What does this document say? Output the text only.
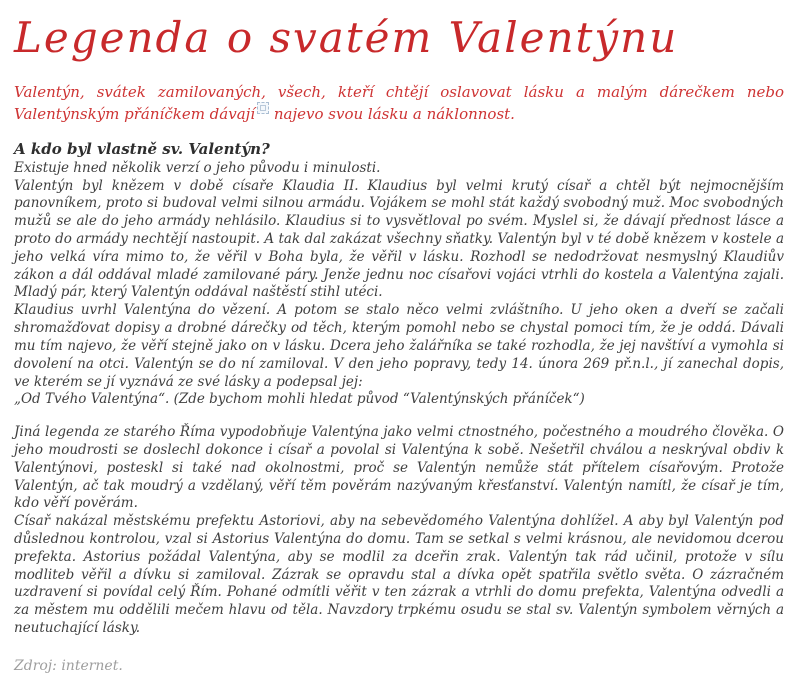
Legenda o svatém Valentýnu

Valentýn, svátek zamilovaných, všech, kteří chtějí oslavovat lásku a malým dárečkem nebo Valentýnským přáníčkem dávají najevo svou lásku a náklonnost.

A kdo byl vlastně sv. Valentýn?

Existuje hned několik verzí o jeho původu i minulosti.

Valentýn byl knězem v době císaře Klaudia II. Klaudius byl velmi krutý císař a chtěl být nejmocnějším panovníkem, proto si budoval velmi silnou armádu. Vojákem se mohl stát každý svobodný muž. Moc svobodných mužů se ale do jeho armády nehlásilo. Klaudius si to vysvětloval po svém. Myslel si, že dávají přednost lásce a proto do armády nechtějí nastoupit. A tak dal zakázat všechny sňatky. Valentýn byl v té době knězem v kostele a jeho velká víra mimo to, že věřil v Boha byla, že věřil v lásku. Rozhodl se nedodržovat nesmyslný Klaudiův zákon a dál oddával mladé zamilované páry. Jenže jednu noc císařovi vojáci vtrhli do kostela a Valentýna zajali. Mladý pár, který Valentýn oddával naštěstí stihl utéci.

Klaudius uvrhl Valentýna do vězení. A potom se stalo něco velmi zvláštního. U jeho oken a dveří se začali shromažďovat dopisy a drobné dárečky od těch, kterým pomohl nebo se chystal pomoci tím, že je oddá. Dávali mu tím najevo, že věří stejně jako on v lásku. Dcera jeho žalářníka se také rozhodla, že jej navštíví a vymohla si dovolení na otci. Valentýn se do ní zamiloval. V den jeho popravy, tedy 14. února 269 př.n.l., jí zanechal dopis, ve kterém se jí vyznává ze své lásky a podepsal jej:

„Od Tvého Valentýna“. (Zde bychom mohli hledat původ “Valentýnských přáníček“)

Jiná legenda ze starého Říma vypodobňuje Valentýna jako velmi ctnostného, počestného a moudrého člověka. O jeho moudrosti se doslechl dokonce i císař a povolal si Valentýna k sobě. Nešetřil chválou a neskrýval obdiv k Valentýnovi, posteskl si také nad okolnostmi, proč se Valentýn nemůže stát přítelem císařovým. Protože Valentýn, ač tak moudrý a vzdělaný, věří těm pověrám nazývaným křesťanství. Valentýn namítl, že císař je tím, kdo věří pověrám.

Císař nakázal městskému prefektu Astoriovi, aby na sebevědomého Valentýna dohlížel. A aby byl Valentýn pod důslednou kontrolou, vzal si Astorius Valentýna do domu. Tam se setkal s velmi krásnou, ale nevidomou dcerou prefekta. Astorius požádal Valentýna, aby se modlil za dceřin zrak. Valentýn tak rád učinil, protože v sílu modliteb věřil a dívku si zamiloval. Zázrak se opravdu stal a dívka opět spatřila světlo světa. O zázračném uzdravení si povídal celý Řím. Pohané odmítli věřit v ten zázrak a vtrhli do domu prefekta, Valentýna odvedli a za městem mu oddělili mečem hlavu od těla. Navzdory trpkému osudu se stal sv. Valentýn symbolem věrných a neutuchající lásky.

Zdroj: internet.
